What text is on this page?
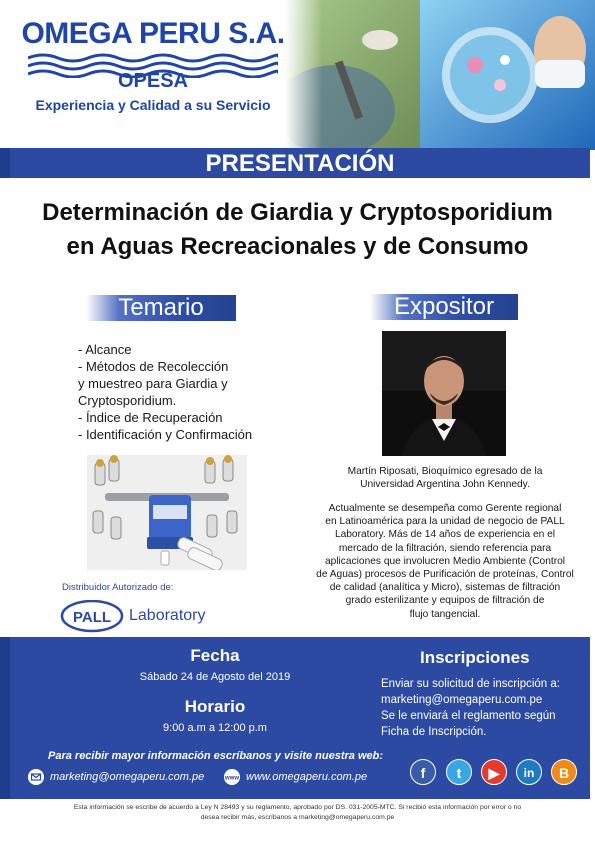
OMEGA PERU S.A.
OPESA
Experiencia y Calidad a su Servicio
PRESENTACIÓN
Determinación de Giardia y Cryptosporidium
en Aguas Recreacionales y de Consumo
Temario
- Alcance
- Métodos de Recolección
y muestreo para Giardia y
Cryptosporidium.
- Índice de Recuperación
- Identificación y Confirmación
Distribuidor Autorizado de:
PALL Laboratory
Expositor
Martín Riposati, Bioquímico egresado de la
Universidad Argentina John Kennedy.
Actualmente se desempeña como Gerente regional
en Latinoamérica para la unidad de negocio de PALL
Laboratory. Más de 14 años de experiencia en el
mercado de la filtración, siendo referencia para
aplicaciones que involucren Medio Ambiente (Control
de Aguas) procesos de Purificación de proteínas, Control
de calidad (analítica y Micro), sistemas de filtración
grado esterilizante y equipos de filtración de
flujo tangencial.
Fecha
Sábado 24 de Agosto del 2019
Horario
9:00 a.m a 12:00 p.m
Inscripciones
Enviar su solicitud de inscripción a:
marketing@omegaperu.com.pe
Se le enviará el reglamento según
Ficha de Inscripción.
Para recibir mayor información escríbanos y visite nuestra web:
marketing@omegaperu.com.pe	www www.omegaperu.com.pe	f	t	▶	in	B
Esta información se escribe de acuerdo a Ley N 28493 y su reglamento, aprobado por DS. 031-2005-MTC. Si recibió esta información por error o no
desea recibir más, escríbanos a marketing@omegaperu.com.pe
